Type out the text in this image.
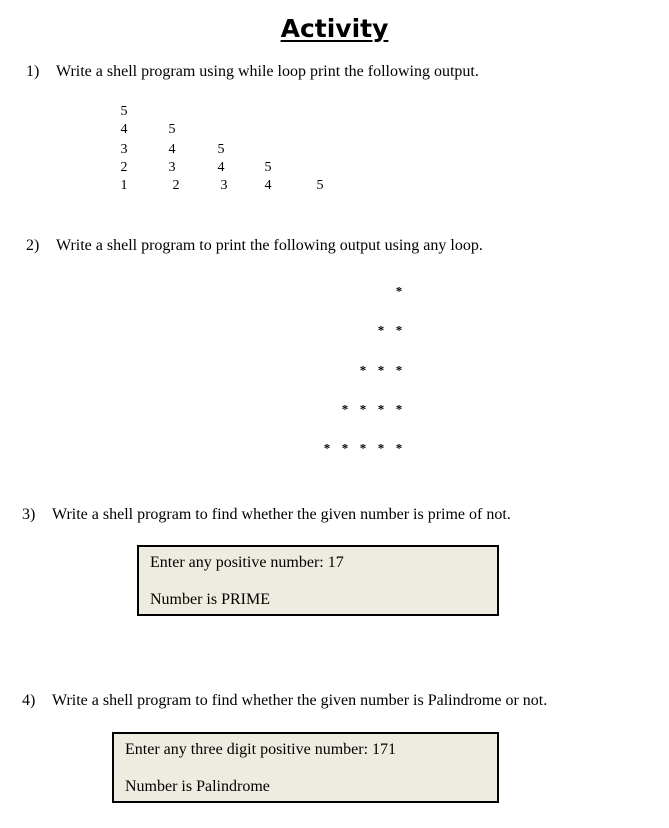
Activity
1) Write a shell program using while loop print the following output.
5
4
3
2
1
5
4
3
2
5
4
3
5
4	5
2) Write a shell program to print the following output using any loop.
*
* *
* * *
* * * *
* * * * *
3) Write a shell program to find whether the given number is prime of not.
Enter any positive number: 17
Number is PRIME
4) Write a shell program to find whether the given number is Palindrome or not.
Enter any three digit positive number: 171
Number is Palindrome
